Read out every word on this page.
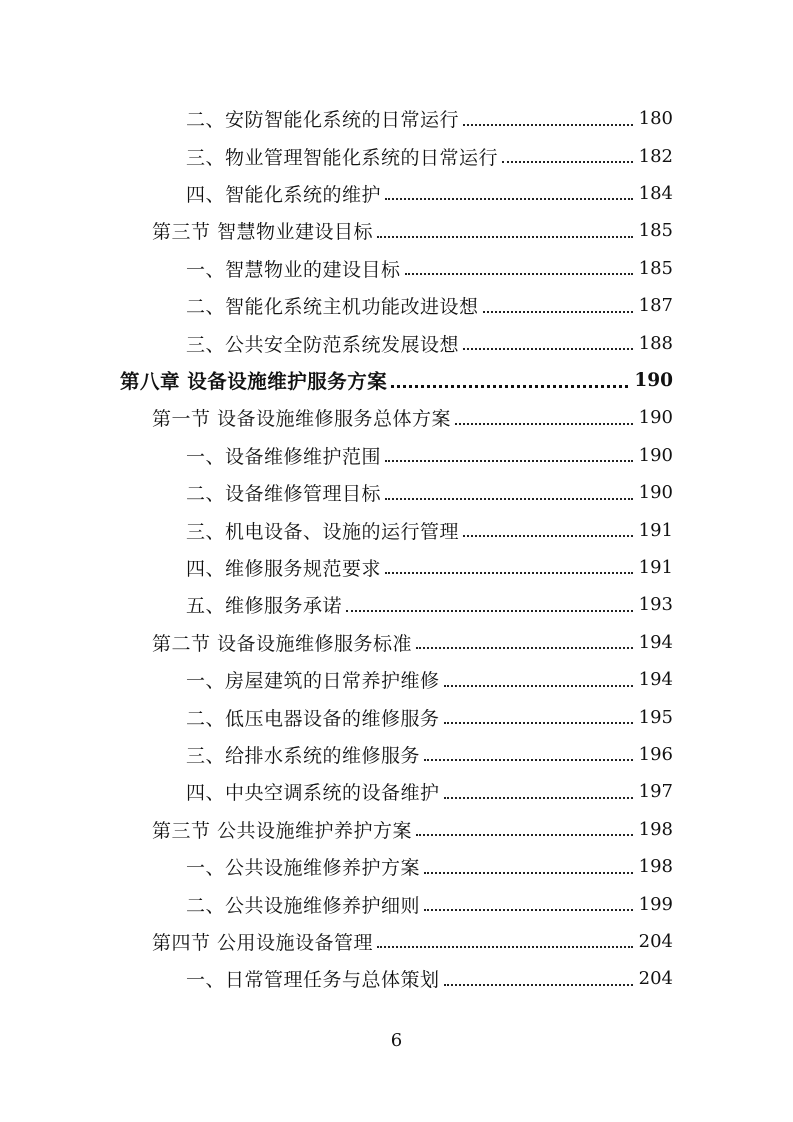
二、安防智能化系统的日常运行	180
三、物业管理智能化系统的日常运行	182
四、智能化系统的维护	184
第三节 智慧物业建设目标	185
一、智慧物业的建设目标	185
二、智能化系统主机功能改进设想	187
三、公共安全防范系统发展设想	188
第八章 设备设施维护服务方案	190
第一节 设备设施维修服务总体方案	190
一、设备维修维护范围	190
二、设备维修管理目标	190
三、机电设备、设施的运行管理	191
四、维修服务规范要求	191
五、维修服务承诺	193
第二节 设备设施维修服务标准	194
一、房屋建筑的日常养护维修	194
二、低压电器设备的维修服务	195
三、给排水系统的维修服务	196
四、中央空调系统的设备维护	197
第三节 公共设施维护养护方案	198
一、公共设施维修养护方案	198
二、公共设施维修养护细则	199
第四节 公用设施设备管理	204
一、日常管理任务与总体策划	204
6
